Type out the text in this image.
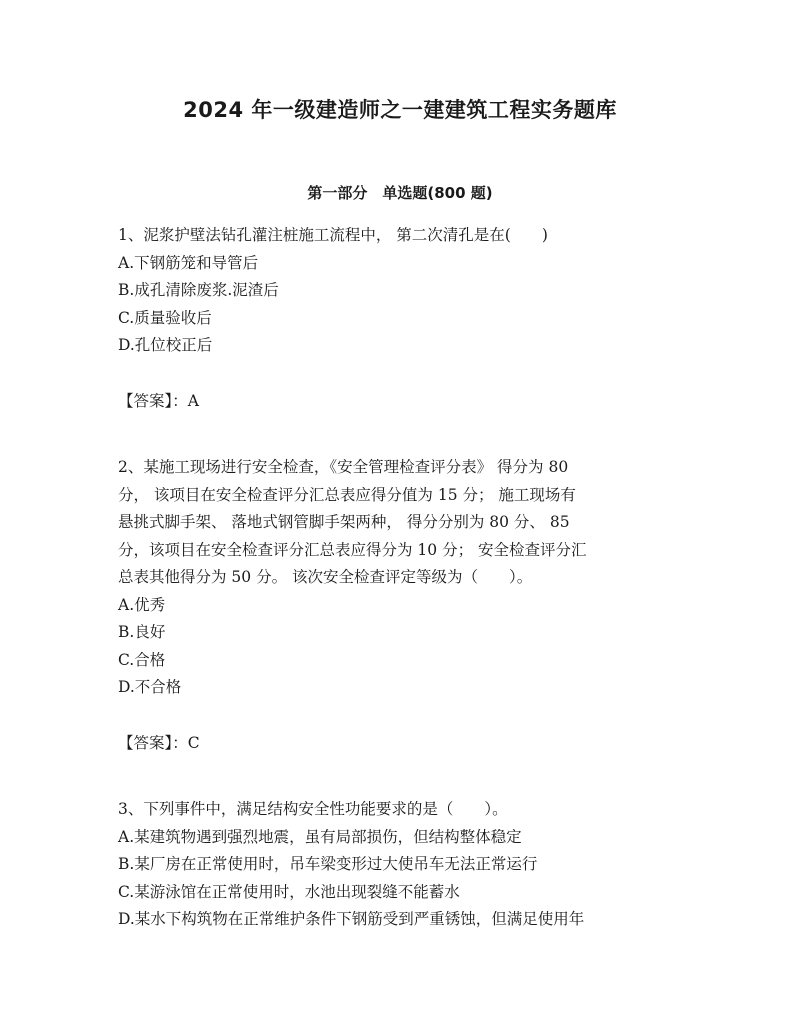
2024 年一级建造师之一建建筑工程实务题库
第一部分　单选题(800 题)

1、泥浆护壁法钻孔灌注桩施工流程中， 第二次清孔是在(　　)

A.下钢筋笼和导管后

B.成孔清除废浆.泥渣后

C.质量验收后

D.孔位校正后

【答案】：A

2、某施工现场进行安全检查，《安全管理检查评分表》 得分为 80

分， 该项目在安全检查评分汇总表应得分值为 15 分； 施工现场有

悬挑式脚手架、 落地式钢管脚手架两种， 得分分别为 80 分、 85

分，该项目在安全检查评分汇总表应得分为 10 分； 安全检查评分汇

总表其他得分为 50 分。 该次安全检查评定等级为（　　）。

A.优秀

B.良好

C.合格

D.不合格

【答案】：C

3、下列事件中，满足结构安全性功能要求的是（　　）。

A.某建筑物遇到强烈地震，虽有局部损伤，但结构整体稳定

B.某厂房在正常使用时，吊车梁变形过大使吊车无法正常运行

C.某游泳馆在正常使用时，水池出现裂缝不能蓄水

D.某水下构筑物在正常维护条件下钢筋受到严重锈蚀，但满足使用年
